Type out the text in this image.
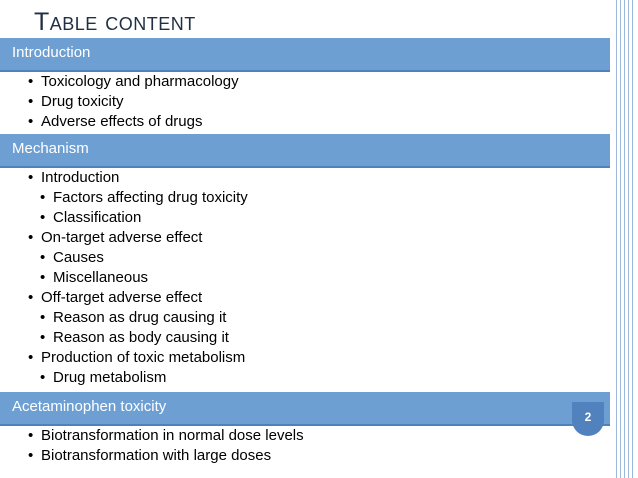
Table content
Introduction
• Toxicology and pharmacology
• Drug toxicity
• Adverse effects of drugs
Mechanism
• Introduction
• Factors affecting drug toxicity
• Classification
• On-target adverse effect
• Causes
• Miscellaneous
• Off-target adverse effect
• Reason as drug causing it
• Reason as body causing it
• Production of toxic metabolism
• Drug metabolism
Acetaminophen toxicity
2
• Biotransformation in normal dose levels
• Biotransformation with large doses
